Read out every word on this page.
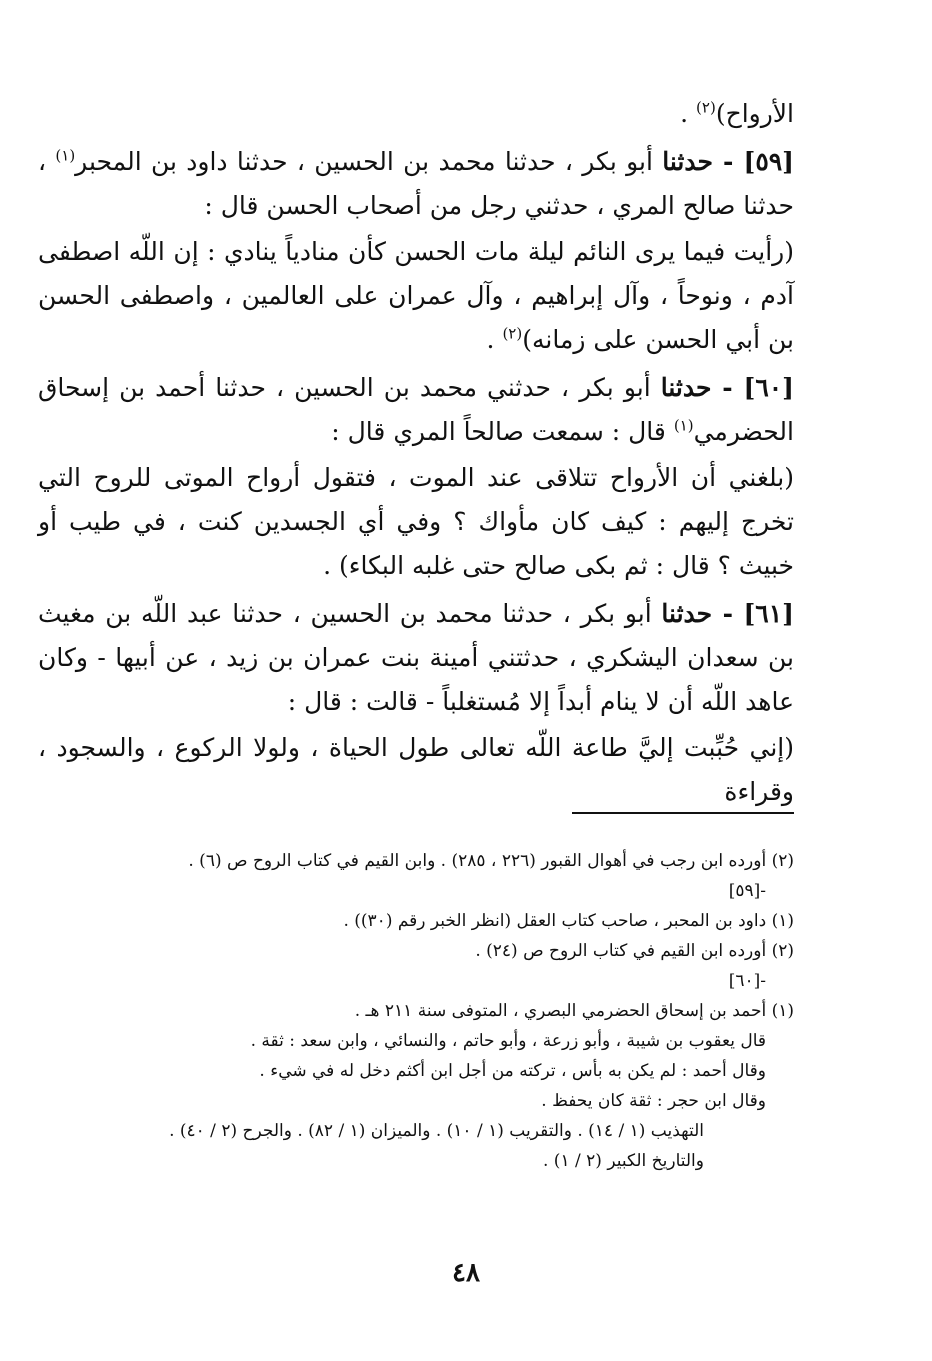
الأرواح)$^{(٢)}$ .

[٥٩] - حدثنا أبو بكر ، حدثنا محمد بن الحسين ، حدثنا داود بن المحبر$^{(١)}$ ، حدثنا صالح المري ، حدثني رجل من أصحاب الحسن قال :

(رأيت فيما يرى النائم ليلة مات الحسن كأن منادياً ينادي : إن اللّه اصطفى آدم ، ونوحاً ، وآل إبراهيم ، وآل عمران على العالمين ، واصطفى الحسن بن أبي الحسن على زمانه)$^{(٢)}$ .

[٦٠] - حدثنا أبو بكر ، حدثني محمد بن الحسين ، حدثنا أحمد بن إسحاق الحضرمي$^{(١)}$ قال : سمعت صالحاً المري قال :

(بلغني أن الأرواح تتلاقى عند الموت ، فتقول أرواح الموتى للروح التي تخرج إليهم : كيف كان مأواك ؟ وفي أي الجسدين كنت ، في طيب أو خبيث ؟ قال : ثم بكى صالح حتى غلبه البكاء) .

[٦١] - حدثنا أبو بكر ، حدثنا محمد بن الحسين ، حدثنا عبد اللّه بن مغيث بن سعدان اليشكري ، حدثتني أمينة بنت عمران بن زيد ، عن أبيها - وكان عاهد اللّه أن لا ينام أبداً إلا مُستغلباً - قالت : قال :

(إني حُبِّبت إليَّ طاعة اللّه تعالى طول الحياة ، ولولا الركوع ، والسجود ، وقراءة

(٢) أورده ابن رجب في أهوال القبور (٢٢٦ ، ٢٨٥) . وابن القيم في كتاب الروح ص (٦) .
-[٥٩]
(١) داود بن المحبر ، صاحب كتاب العقل (انظر الخبر رقم (٣٠)) .
(٢) أورده ابن القيم في كتاب الروح ص (٢٤) .
-[٦٠]
(١) أحمد بن إسحاق الحضرمي البصري ، المتوفى سنة ٢١١ هـ .
قال يعقوب بن شيبة ، وأبو زرعة ، وأبو حاتم ، والنسائي ، وابن سعد : ثقة .
وقال أحمد : لم يكن به بأس ، تركته من أجل ابن أكثم دخل له في شيء .
وقال ابن حجر : ثقة كان يحفظ .
التهذيب (١ / ١٤) . والتقريب (١ / ١٠) . والميزان (١ / ٨٢) . والجرح (٢ / ٤٠) .
والتاريخ الكبير (٢ / ١) .
٤٨
